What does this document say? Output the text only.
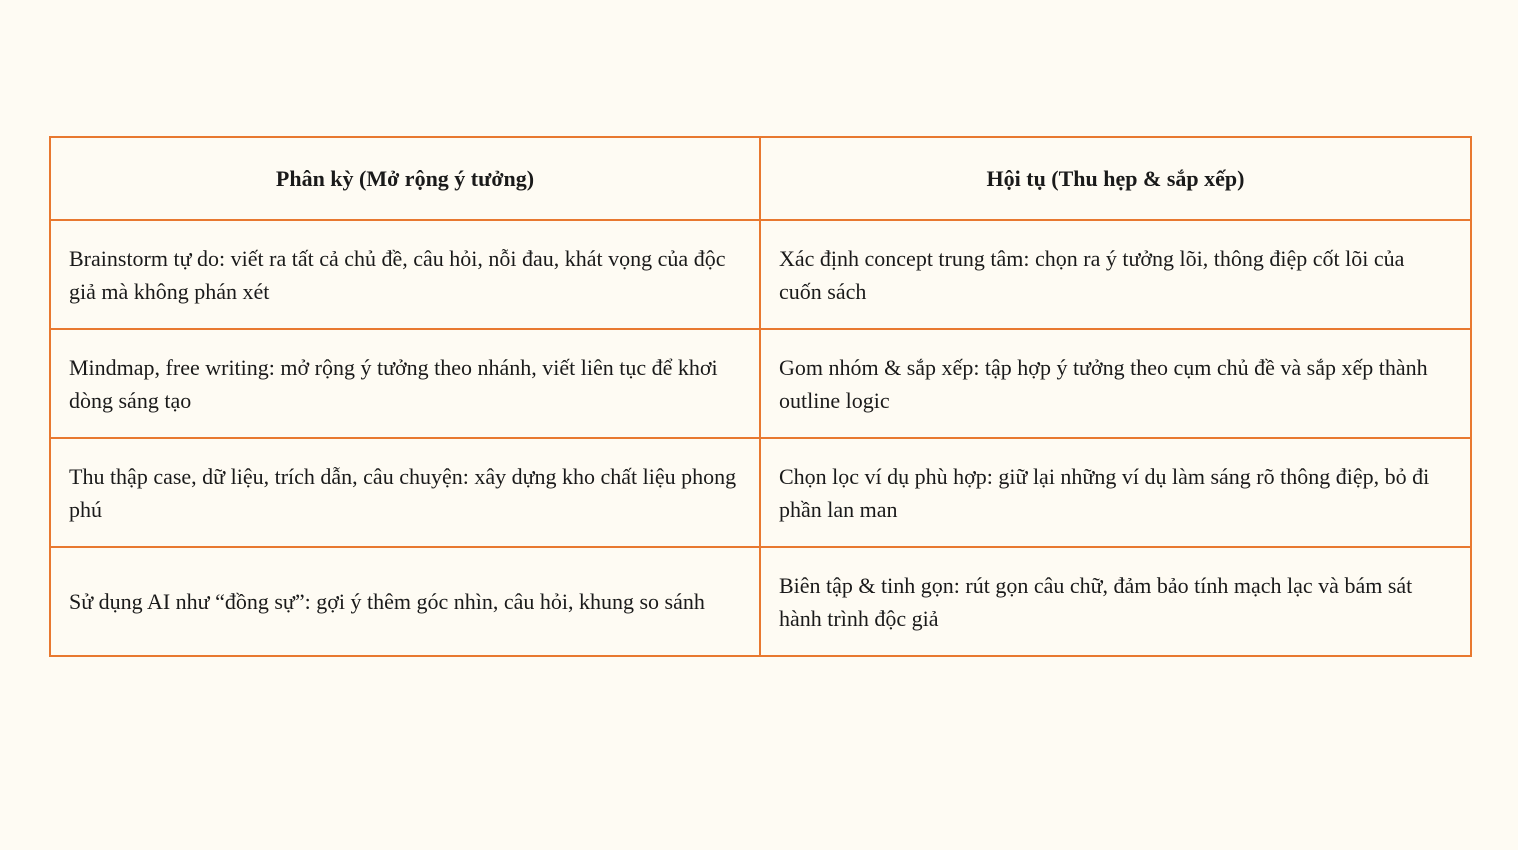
Phân kỳ (Mở rộng ý tưởng)	Hội tụ (Thu hẹp & sắp xếp)
Brainstorm tự do: viết ra tất cả chủ đề, câu hỏi, nỗi đau, khát vọng của độc giả mà không phán xét	Xác định concept trung tâm: chọn ra ý tưởng lõi, thông điệp cốt lõi của cuốn sách
Mindmap, free writing: mở rộng ý tưởng theo nhánh, viết liên tục để khơi dòng sáng tạo	Gom nhóm & sắp xếp: tập hợp ý tưởng theo cụm chủ đề và sắp xếp thành outline logic
Thu thập case, dữ liệu, trích dẫn, câu chuyện: xây dựng kho chất liệu phong phú	Chọn lọc ví dụ phù hợp: giữ lại những ví dụ làm sáng rõ thông điệp, bỏ đi phần lan man
Sử dụng AI như “đồng sự”: gợi ý thêm góc nhìn, câu hỏi, khung so sánh	Biên tập & tinh gọn: rút gọn câu chữ, đảm bảo tính mạch lạc và bám sát hành trình độc giả
